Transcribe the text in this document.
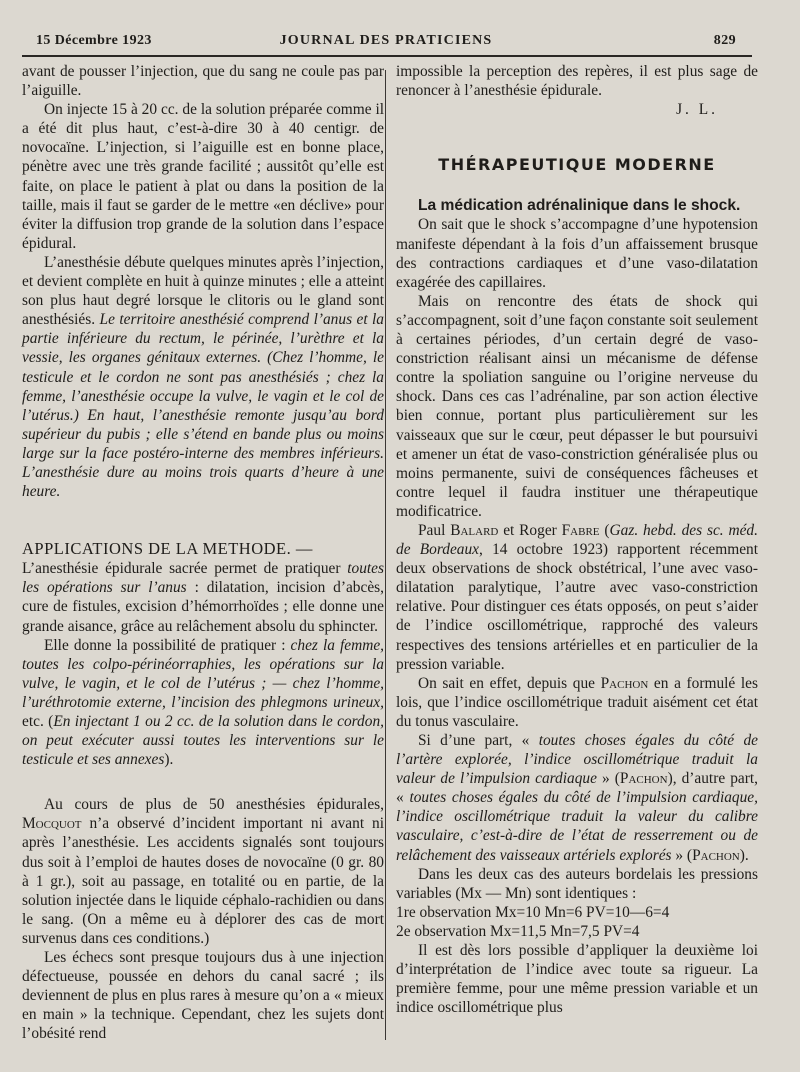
15 Décembre 1923	JOURNAL DES PRATICIENS	829

avant de pousser l’injection, que du sang ne coule pas par l’aiguille.

On injecte 15 à 20 cc. de la solution préparée comme il a été dit plus haut, c’est-à-dire 30 à 40 centigr. de novocaïne. L’injection, si l’aiguille est en bonne place, pénètre avec une très grande facilité ; aussitôt qu’elle est faite, on place le patient à plat ou dans la position de la taille, mais il faut se garder de le mettre «en déclive» pour éviter la diffusion trop grande de la solution dans l’espace épidural.

L’anesthésie débute quelques minutes après l’injection, et devient complète en huit à quinze minutes ; elle a atteint son plus haut degré lorsque le clitoris ou le gland sont anesthésiés. Le territoire anesthésié comprend l’anus et la partie inférieure du rectum, le périnée, l’urèthre et la vessie, les organes génitaux externes. (Chez l’homme, le testicule et le cordon ne sont pas anesthésiés ; chez la femme, l’anesthésie occupe la vulve, le vagin et le col de l’utérus.) En haut, l’anesthésie remonte jusqu’au bord supérieur du pubis ; elle s’étend en bande plus ou moins large sur la face postéro-interne des membres inférieurs. L’anesthésie dure au moins trois quarts d’heure à une heure.

APPLICATIONS DE LA METHODE. —

L’anesthésie épidurale sacrée permet de pratiquer toutes les opérations sur l’anus : dilatation, incision d’abcès, cure de fistules, excision d’hémorrhoïdes ; elle donne une grande aisance, grâce au relâchement absolu du sphincter.

Elle donne la possibilité de pratiquer : chez la femme, toutes les colpo-périnéorraphies, les opérations sur la vulve, le vagin, et le col de l’utérus ; — chez l’homme, l’uréthrotomie externe, l’incision des phlegmons urineux, etc. (En injectant 1 ou 2 cc. de la solution dans le cordon, on peut exécuter aussi toutes les interventions sur le testicule et ses annexes).

Au cours de plus de 50 anesthésies épidurales, Mocquot n’a observé d’incident important ni avant ni après l’anesthésie. Les accidents signalés sont toujours dus soit à l’emploi de hautes doses de novocaïne (0 gr. 80 à 1 gr.), soit au passage, en totalité ou en partie, de la solution injectée dans le liquide céphalo-rachidien ou dans le sang. (On a même eu à déplorer des cas de mort survenus dans ces conditions.)

Les échecs sont presque toujours dus à une injection défectueuse, poussée en dehors du canal sacré ; ils deviennent de plus en plus rares à mesure qu’on a « mieux en main » la technique. Cependant, chez les sujets dont l’obésité rend

impossible la perception des repères, il est plus sage de renoncer à l’anesthésie épidurale.

J. L.

THÉRAPEUTIQUE MODERNE

La médication adrénalinique dans le shock.

On sait que le shock s’accompagne d’une hypotension manifeste dépendant à la fois d’un affaissement brusque des contractions cardiaques et d’une vaso-dilatation exagérée des capillaires.

Mais on rencontre des états de shock qui s’accompagnent, soit d’une façon constante soit seulement à certaines périodes, d’un certain degré de vaso-constriction réalisant ainsi un mécanisme de défense contre la spoliation sanguine ou l’origine nerveuse du shock. Dans ces cas l’adrénaline, par son action élective bien connue, portant plus particulièrement sur les vaisseaux que sur le cœur, peut dépasser le but poursuivi et amener un état de vaso-constriction généralisée plus ou moins permanente, suivi de conséquences fâcheuses et contre lequel il faudra instituer une thérapeutique modificatrice.

Paul Balard et Roger Fabre (Gaz. hebd. des sc. méd. de Bordeaux, 14 octobre 1923) rapportent récemment deux observations de shock obstétrical, l’une avec vaso-dilatation paralytique, l’autre avec vaso-constriction relative. Pour distinguer ces états opposés, on peut s’aider de l’indice oscillométrique, rapproché des valeurs respectives des tensions artérielles et en particulier de la pression variable.

On sait en effet, depuis que Pachon en a formulé les lois, que l’indice oscillométrique traduit aisément cet état du tonus vasculaire.

Si d’une part, « toutes choses égales du côté de l’artère explorée, l’indice oscillométrique traduit la valeur de l’impulsion cardiaque » (Pachon), d’autre part, « toutes choses égales du côté de l’impulsion cardiaque, l’indice oscillométrique traduit la valeur du calibre vasculaire, c’est-à-dire de l’état de resserrement ou de relâchement des vaisseaux artériels explorés » (Pachon).

Dans les deux cas des auteurs bordelais les pressions variables (Mx — Mn) sont identiques :

1re observation Mx=10 Mn=6 PV=10—6=4

2e observation Mx=11,5 Mn=7,5 PV=4

Il est dès lors possible d’appliquer la deuxième loi d’interprétation de l’indice avec toute sa rigueur. La première femme, pour une même pression variable et un indice oscillométrique plus
